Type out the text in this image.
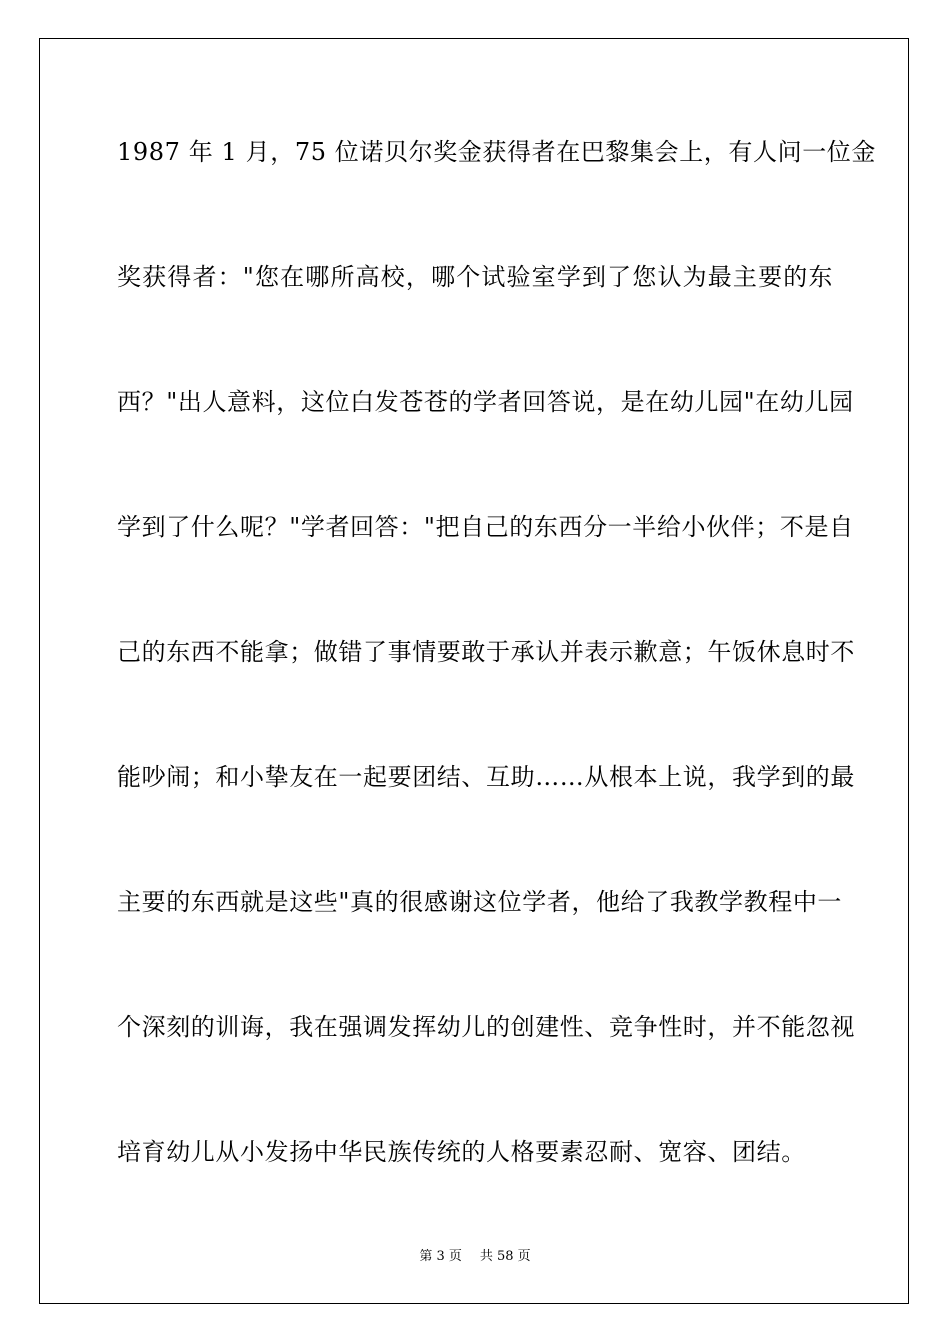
1987 年 1 月，75 位诺贝尔奖金获得者在巴黎集会上，有人问一位金
奖获得者："您在哪所高校，哪个试验室学到了您认为最主要的东
西？"出人意料，这位白发苍苍的学者回答说，是在幼儿园"在幼儿园
学到了什么呢？"学者回答："把自己的东西分一半给小伙伴；不是自
己的东西不能拿；做错了事情要敢于承认并表示歉意；午饭休息时不
能吵闹；和小挚友在一起要团结、互助……从根本上说，我学到的最
主要的东西就是这些"真的很感谢这位学者，他给了我教学教程中一
个深刻的训诲，我在强调发挥幼儿的创建性、竞争性时，并不能忽视
培育幼儿从小发扬中华民族传统的人格要素忍耐、宽容、团结。
第 3 页 共 58 页
